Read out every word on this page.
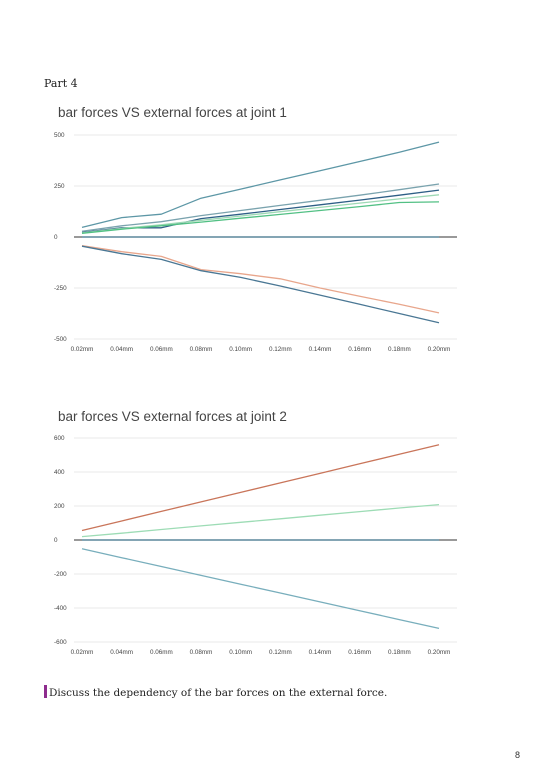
Part 4
bar forces VS external forces at joint 1
500
250
0
-250
-500
0.02mm	0.04mm	0.06mm	0.08mm	0.10mm	0.12mm	0.14mm	0.16mm	0.18mm	0.20mm
bar forces VS external forces at joint 2
600
400
200
0
-200
-400
-600
0.02mm	0.04mm	0.06mm	0.08mm	0.10mm	0.12mm	0.14mm	0.16mm	0.18mm	0.20mm
Discuss the dependency of the bar forces on the external force.
8
